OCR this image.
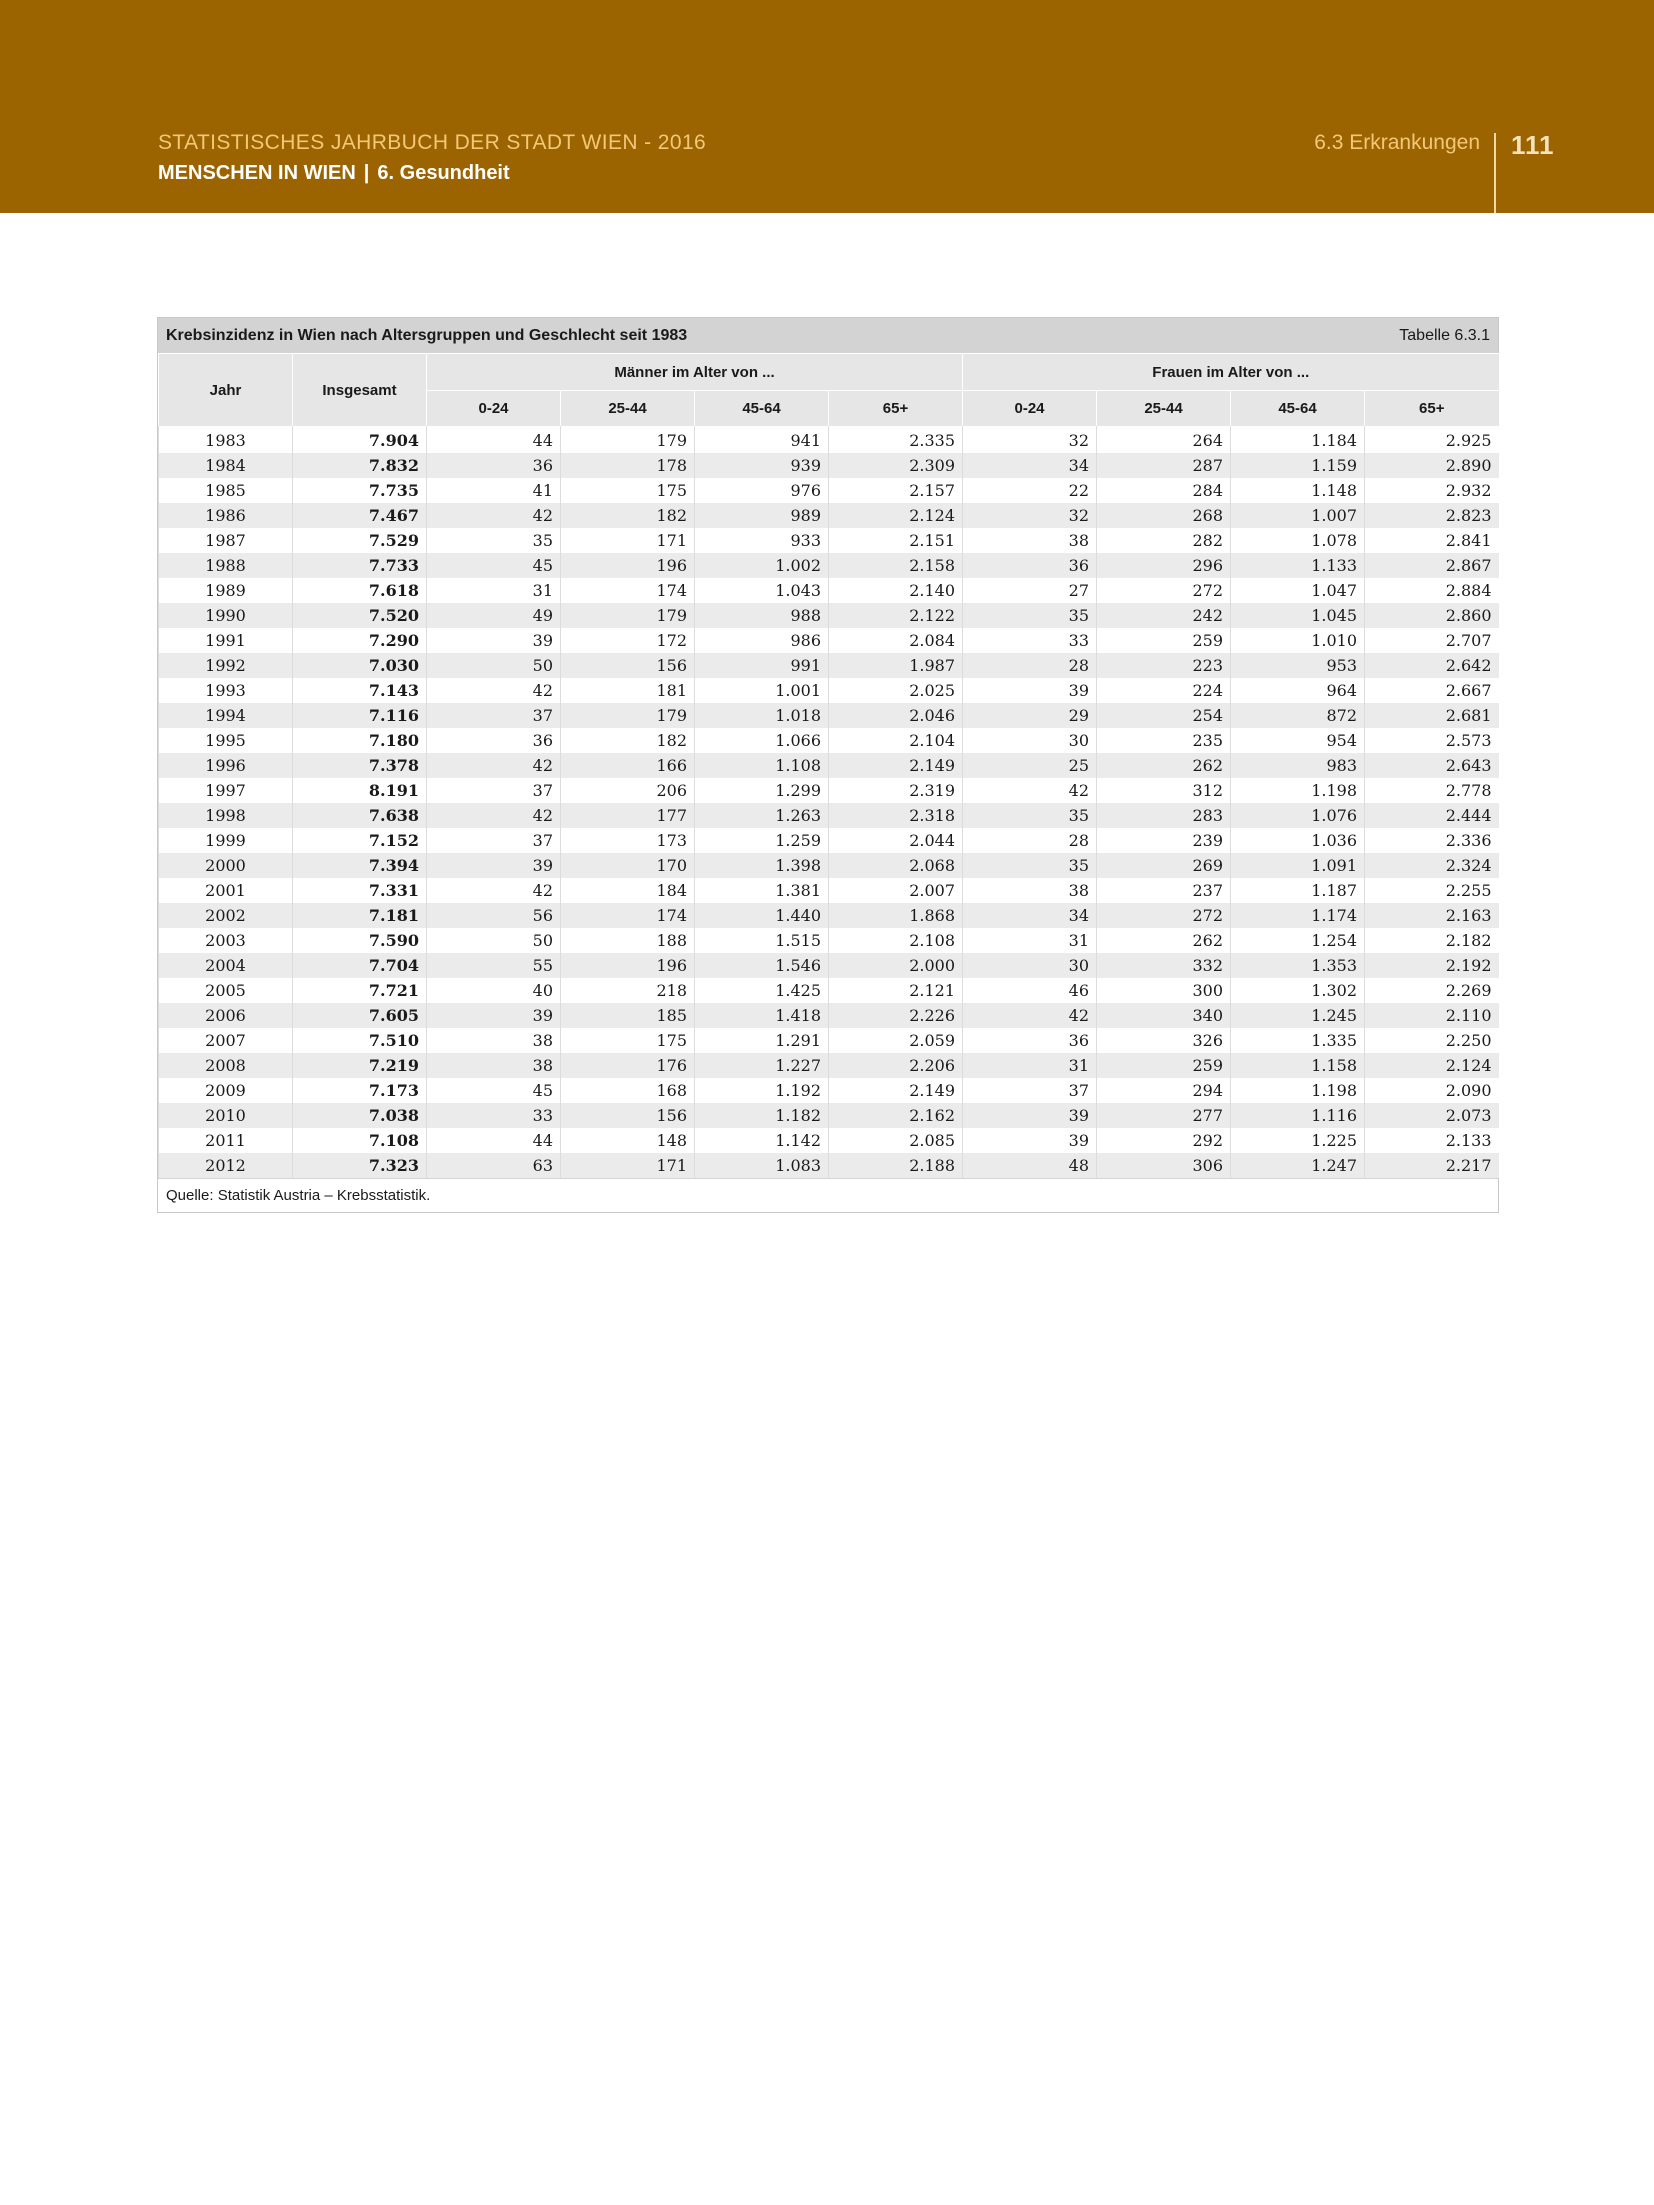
STATISTISCHES JAHRBUCH DER STADT WIEN - 2016
MENSCHEN IN WIEN | 6. Gesundheit
6.3 Erkrankungen 111
Krebsinzidenz in Wien nach Altersgruppen und Geschlecht seit 1983	Tabelle 6.3.1
Jahr	Insgesamt	Männer im Alter von ...				Frauen im Alter von ...			
		0-24	25-44	45-64	65+	0-24	25-44	45-64	65+
1983	7.904	44	179	941	2.335	32	264	1.184	2.925
1984	7.832	36	178	939	2.309	34	287	1.159	2.890
1985	7.735	41	175	976	2.157	22	284	1.148	2.932
1986	7.467	42	182	989	2.124	32	268	1.007	2.823
1987	7.529	35	171	933	2.151	38	282	1.078	2.841
1988	7.733	45	196	1.002	2.158	36	296	1.133	2.867
1989	7.618	31	174	1.043	2.140	27	272	1.047	2.884
1990	7.520	49	179	988	2.122	35	242	1.045	2.860
1991	7.290	39	172	986	2.084	33	259	1.010	2.707
1992	7.030	50	156	991	1.987	28	223	953	2.642
1993	7.143	42	181	1.001	2.025	39	224	964	2.667
1994	7.116	37	179	1.018	2.046	29	254	872	2.681
1995	7.180	36	182	1.066	2.104	30	235	954	2.573
1996	7.378	42	166	1.108	2.149	25	262	983	2.643
1997	8.191	37	206	1.299	2.319	42	312	1.198	2.778
1998	7.638	42	177	1.263	2.318	35	283	1.076	2.444
1999	7.152	37	173	1.259	2.044	28	239	1.036	2.336
2000	7.394	39	170	1.398	2.068	35	269	1.091	2.324
2001	7.331	42	184	1.381	2.007	38	237	1.187	2.255
2002	7.181	56	174	1.440	1.868	34	272	1.174	2.163
2003	7.590	50	188	1.515	2.108	31	262	1.254	2.182
2004	7.704	55	196	1.546	2.000	30	332	1.353	2.192
2005	7.721	40	218	1.425	2.121	46	300	1.302	2.269
2006	7.605	39	185	1.418	2.226	42	340	1.245	2.110
2007	7.510	38	175	1.291	2.059	36	326	1.335	2.250
2008	7.219	38	176	1.227	2.206	31	259	1.158	2.124
2009	7.173	45	168	1.192	2.149	37	294	1.198	2.090
2010	7.038	33	156	1.182	2.162	39	277	1.116	2.073
2011	7.108	44	148	1.142	2.085	39	292	1.225	2.133
2012	7.323	63	171	1.083	2.188	48	306	1.247	2.217
Quelle: Statistik Austria – Krebsstatistik.
